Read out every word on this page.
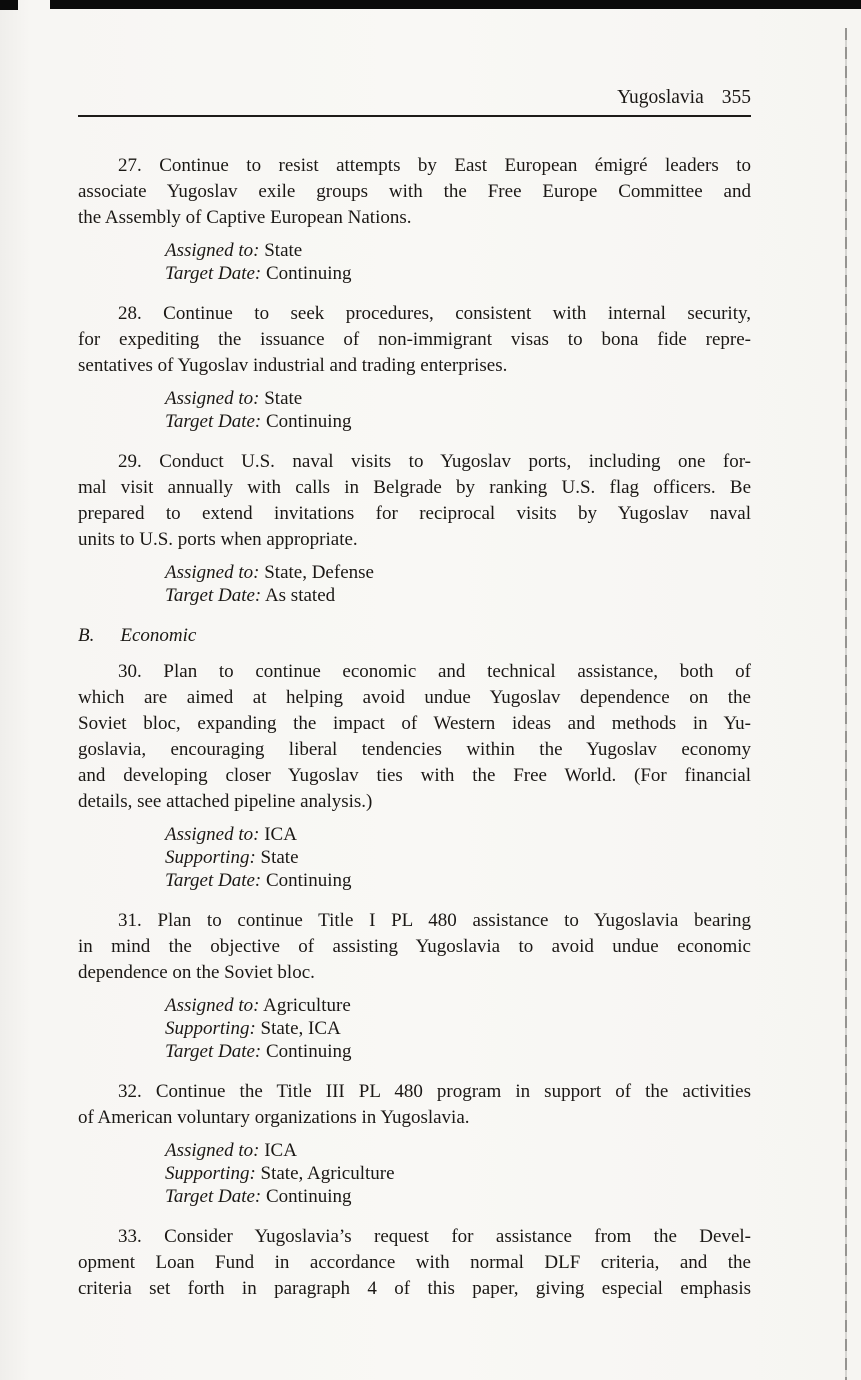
Yugoslavia 355

27. Continue to resist attempts by East European émigré leaders to
associate Yugoslav exile groups with the Free Europe Committee and
the Assembly of Captive European Nations.

Assigned to: State
Target Date: Continuing

28. Continue to seek procedures, consistent with internal security,
for expediting the issuance of non-immigrant visas to bona fide repre-
sentatives of Yugoslav industrial and trading enterprises.

Assigned to: State
Target Date: Continuing

29. Conduct U.S. naval visits to Yugoslav ports, including one for-
mal visit annually with calls in Belgrade by ranking U.S. flag officers. Be
prepared to extend invitations for reciprocal visits by Yugoslav naval
units to U.S. ports when appropriate.

Assigned to: State, Defense
Target Date: As stated
B. Economic

30. Plan to continue economic and technical assistance, both of
which are aimed at helping avoid undue Yugoslav dependence on the
Soviet bloc, expanding the impact of Western ideas and methods in Yu-
goslavia, encouraging liberal tendencies within the Yugoslav economy
and developing closer Yugoslav ties with the Free World. (For financial
details, see attached pipeline analysis.)

Assigned to: ICA
Supporting: State
Target Date: Continuing

31. Plan to continue Title I PL 480 assistance to Yugoslavia bearing
in mind the objective of assisting Yugoslavia to avoid undue economic
dependence on the Soviet bloc.

Assigned to: Agriculture
Supporting: State, ICA
Target Date: Continuing

32. Continue the Title III PL 480 program in support of the activities
of American voluntary organizations in Yugoslavia.

Assigned to: ICA
Supporting: State, Agriculture
Target Date: Continuing

33. Consider Yugoslavia’s request for assistance from the Devel-
opment Loan Fund in accordance with normal DLF criteria, and the
criteria set forth in paragraph 4 of this paper, giving especial emphasis
